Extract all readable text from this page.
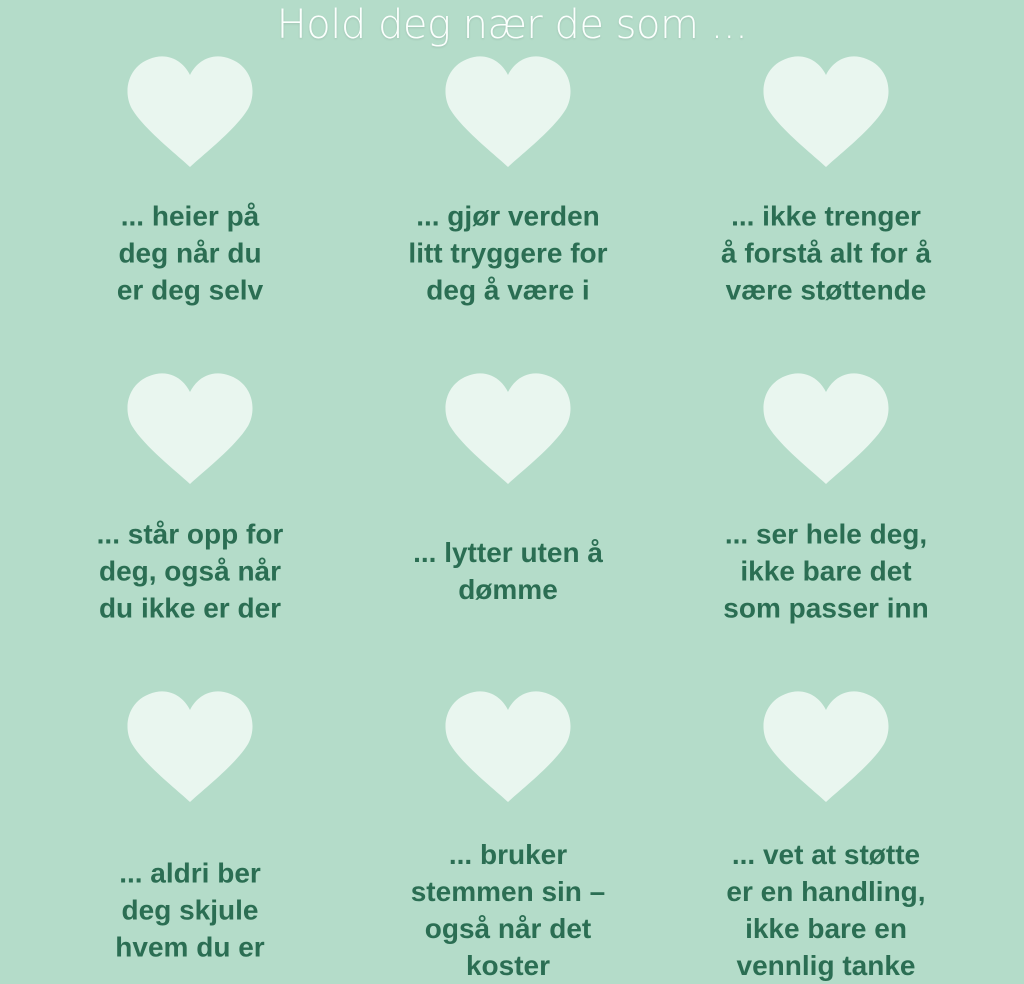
Hold deg nær de som ...
... heier på
deg når du
er deg selv
... gjør verden
litt tryggere for
deg å være i
... ikke trenger
å forstå alt for å
være støttende
... står opp for
deg, også når
du ikke er der
... lytter uten å
dømme
... ser hele deg,
ikke bare det
som passer inn
... aldri ber
deg skjule
hvem du er
... bruker
stemmen sin –
også når det
koster
... vet at støtte
er en handling,
ikke bare en
vennlig tanke
